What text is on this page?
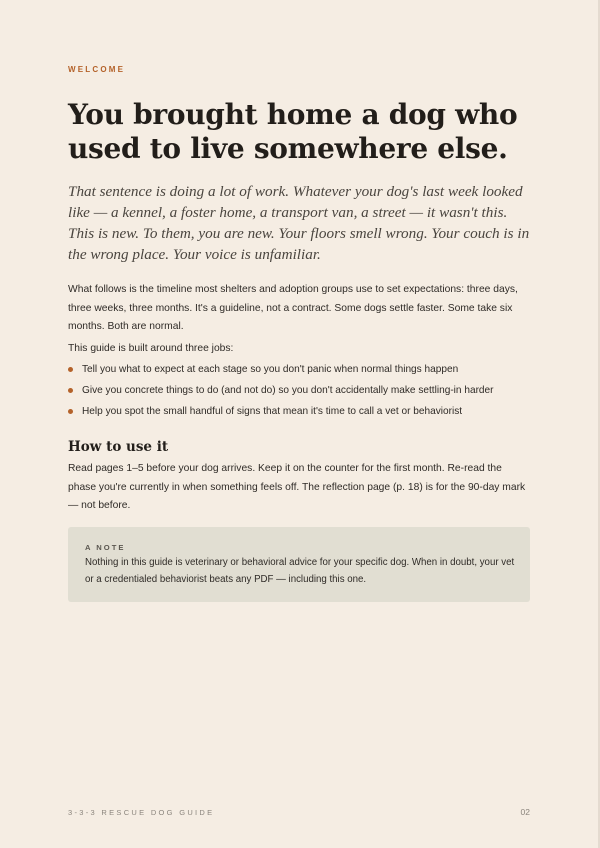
WELCOME
You brought home a dog who used to live somewhere else.

That sentence is doing a lot of work. Whatever your dog's last week looked like — a kennel, a foster home, a transport van, a street — it wasn't this. This is new. To them, you are new. Your floors smell wrong. Your couch is in the wrong place. Your voice is unfamiliar.

What follows is the timeline most shelters and adoption groups use to set expectations: three days, three weeks, three months. It's a guideline, not a contract. Some dogs settle faster. Some take six months. Both are normal.

This guide is built around three jobs:

Tell you what to expect at each stage so you don't panic when normal things happen
Give you concrete things to do (and not do) so you don't accidentally make settling-in harder
Help you spot the small handful of signs that mean it's time to call a vet or behaviorist
How to use it

Read pages 1–5 before your dog arrives. Keep it on the counter for the first month. Re-read the phase you're currently in when something feels off. The reflection page (p. 18) is for the 90-day mark — not before.

A NOTE

Nothing in this guide is veterinary or behavioral advice for your specific dog. When in doubt, your vet or a credentialed behaviorist beats any PDF — including this one.

3-3-3 RESCUE DOG GUIDE	02
